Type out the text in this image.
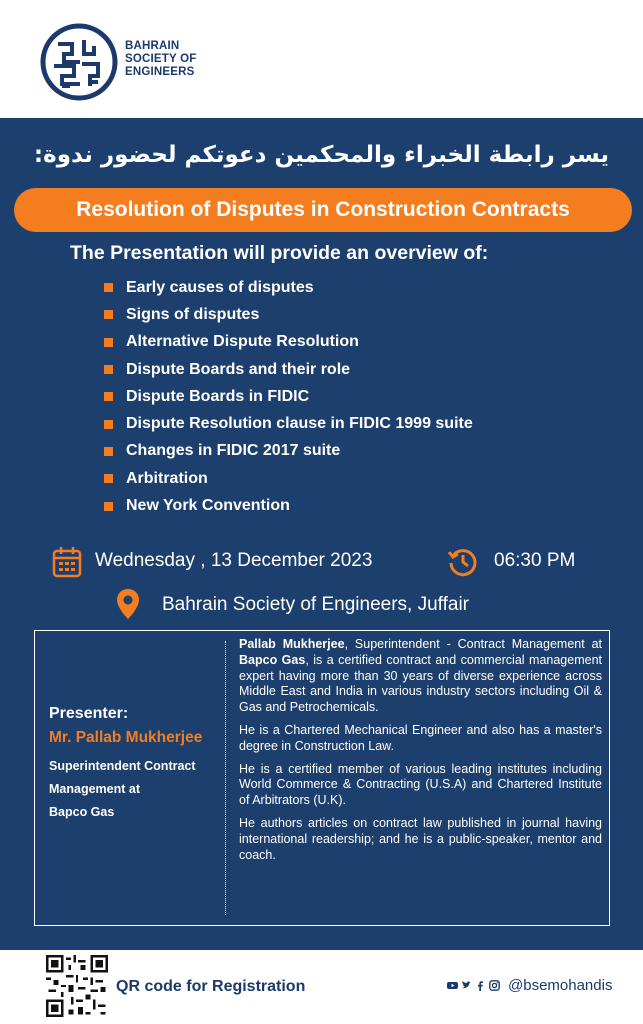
BAHRAIN
SOCIETY OF
ENGINEERS
يسر رابطة الخبراء والمحكمين دعوتكم لحضور ندوة:
Resolution of Disputes in Construction Contracts
The Presentation will provide an overview of:
Early causes of disputes
Signs of disputes
Alternative Dispute Resolution
Dispute Boards and their role
Dispute Boards in FIDIC
Dispute Resolution clause in FIDIC 1999 suite
Changes in FIDIC 2017 suite
Arbitration
New York Convention
Wednesday , 13 December 2023	06:30 PM
Bahrain Society of Engineers, Juffair
Presenter:
Mr. Pallab Mukherjee
Superintendent Contract
Management at
Bapco Gas

Pallab Mukherjee, Superintendent - Contract Management at Bapco Gas, is a certified contract and commercial management expert having more than 30 years of diverse experience across Middle East and India in various industry sectors including Oil & Gas and Petrochemicals.

He is a Chartered Mechanical Engineer and also has a master's degree in Construction Law.

He is a certified member of various leading institutes including World Commerce & Contracting (U.S.A) and Chartered Institute of Arbitrators (U.K).

He authors articles on contract law published in journal having international readership; and he is a public-speaker, mentor and coach.

QR code for Registration	@bsemohandis
